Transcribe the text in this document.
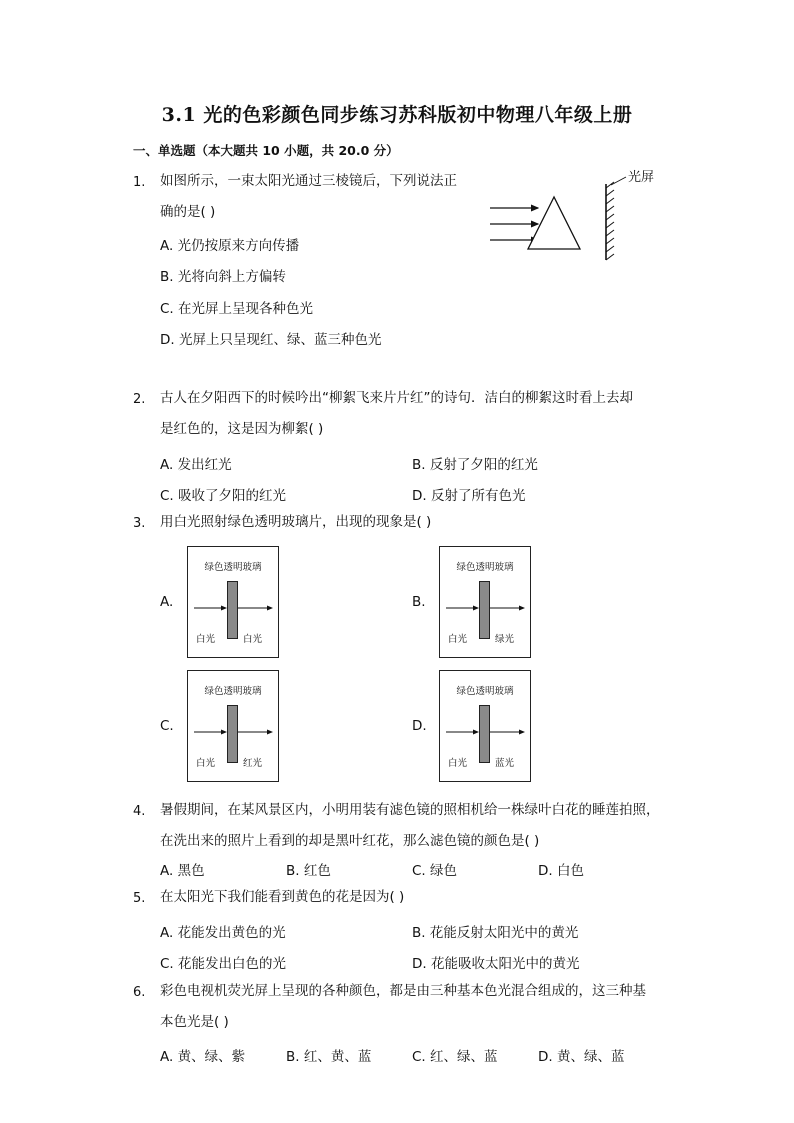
3.1 光的色彩颜色同步练习苏科版初中物理八年级上册
一、单选题（本大题共 10 小题，共 20.0 分）
1. 如图所示，一束太阳光通过三棱镜后，下列说法正
确的是( )
A. 光仍按原来方向传播
B. 光将向斜上方偏转
C. 在光屏上呈现各种色光
D. 光屏上只呈现红、绿、蓝三种色光
光屏
2. 古人在夕阳西下的时候吟出“柳絮飞来片片红”的诗句．洁白的柳絮这时看上去却
是红色的，这是因为柳絮( )
A. 发出红光	B. 反射了夕阳的红光
C. 吸收了夕阳的红光	D. 反射了所有色光
3. 用白光照射绿色透明玻璃片，出现的现象是( )
A.
绿色透明玻璃
白光	白光
B.
绿色透明玻璃
白光	绿光
C.
绿色透明玻璃
白光	红光
D.
绿色透明玻璃
白光	蓝光
4. 暑假期间，在某风景区内，小明用装有滤色镜的照相机给一株绿叶白花的睡莲拍照，
在洗出来的照片上看到的却是黑叶红花，那么滤色镜的颜色是( )
A. 黑色	B. 红色	C. 绿色	D. 白色
5. 在太阳光下我们能看到黄色的花是因为( )
A. 花能发出黄色的光	B. 花能反射太阳光中的黄光
C. 花能发出白色的光	D. 花能吸收太阳光中的黄光
6. 彩色电视机荧光屏上呈现的各种颜色，都是由三种基本色光混合组成的，这三种基
本色光是( )
A. 黄、绿、紫	B. 红、黄、蓝	C. 红、绿、蓝	D. 黄、绿、蓝
